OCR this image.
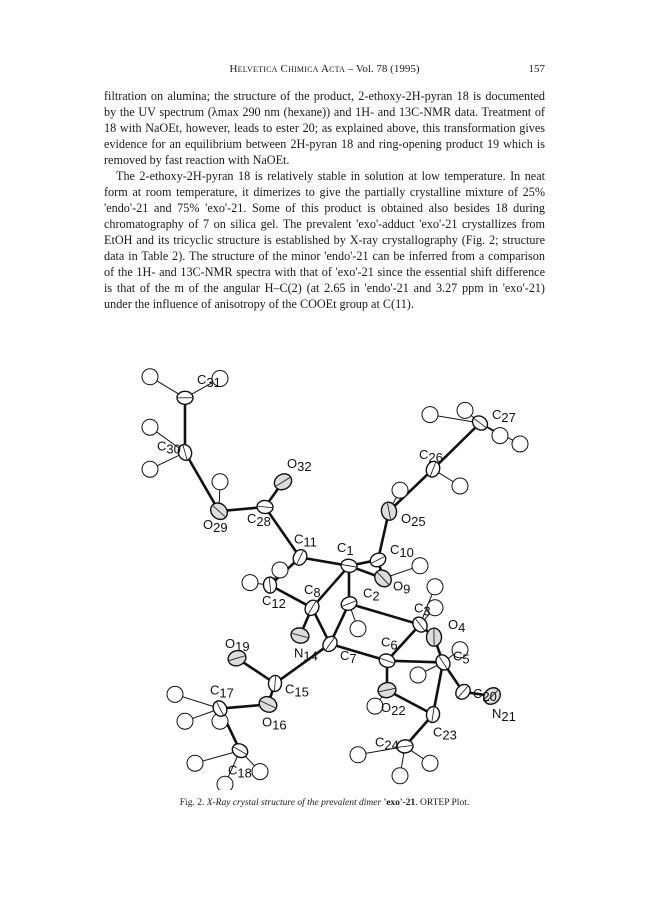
Helvetica Chimica Acta – Vol. 78 (1995)	157

filtration on alumina; the structure of the product, 2-ethoxy-2H-pyran 18 is documented by the UV spectrum (λmax 290 nm (hexane)) and 1H- and 13C-NMR data. Treatment of 18 with NaOEt, however, leads to ester 20; as explained above, this transformation gives evidence for an equilibrium between 2H-pyran 18 and ring-opening product 19 which is removed by fast reaction with NaOEt.

The 2-ethoxy-2H-pyran 18 is relatively stable in solution at low temperature. In neat form at room temperature, it dimerizes to give the partially crystalline mixture of 25% 'endo'-21 and 75% 'exo'-21. Some of this product is obtained also besides 18 during chromatography of 7 on silica gel. The prevalent 'exo'-adduct 'exo'-21 crystallizes from EtOH and its tricyclic structure is established by X-ray crystallography (Fig. 2; structure data in Table 2). The structure of the minor 'endo'-21 can be inferred from a comparison of the 1H- and 13C-NMR spectra with that of 'exo'-21 since the essential shift difference is that of the m of the angular H–C(2) (at 2.65 in 'endo'-21 and 3.27 ppm in 'exo'-21) under the influence of anisotropy of the COOEt group at C(11).

C31
C27
C30	C26
O32
O29
C28	O25
C11
C10
C1
O9
C12
C8	C2
N14
C3
O4
C7
O19	C6
C5
C15	C20
O22
O16
C17
C23
N21
C24
C18
Fig. 2. X-Ray crystal structure of the prevalent dimer 'exo'-21. ORTEP Plot.
